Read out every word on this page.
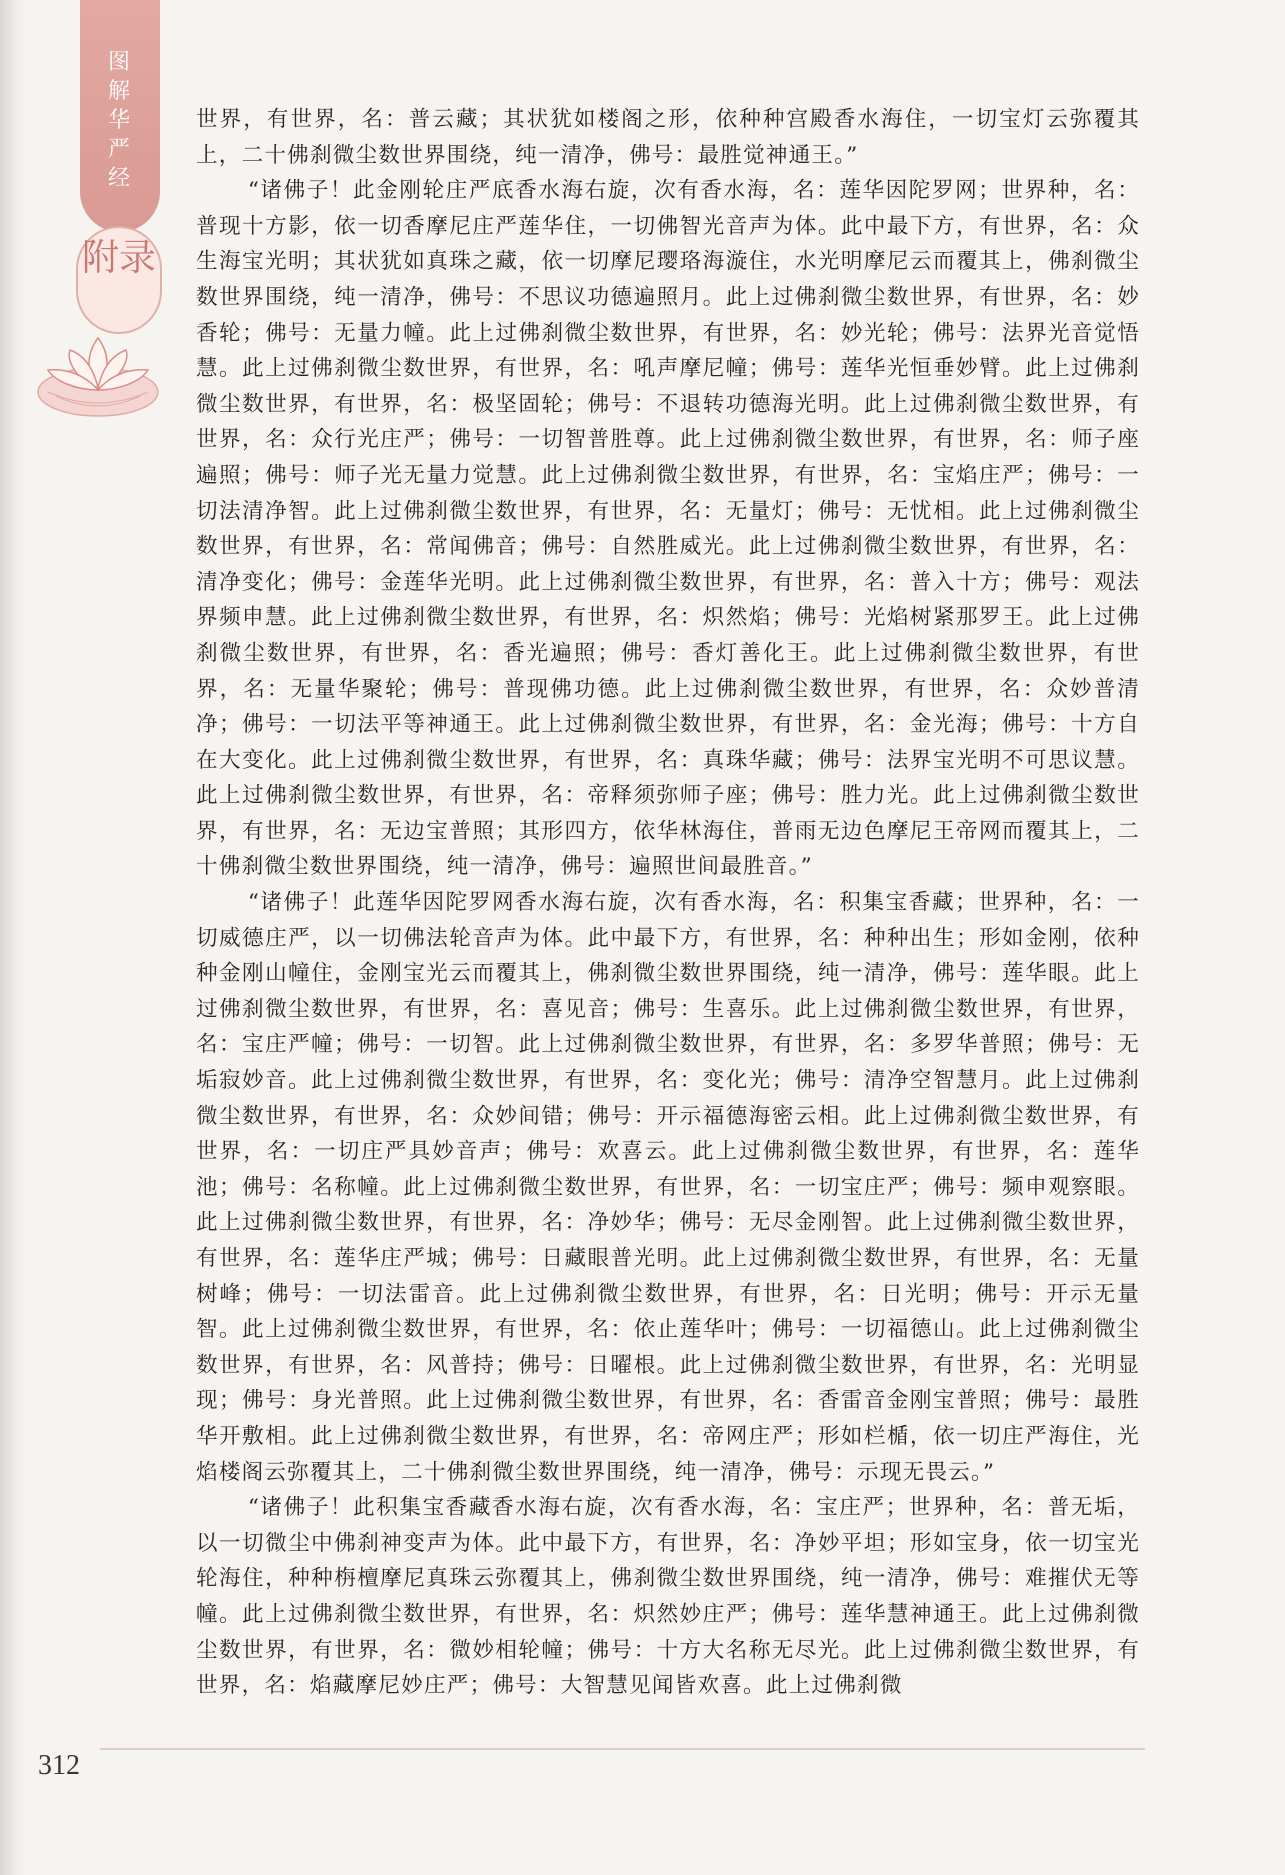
图解华严经
附录

世界，有世界，名：普云藏；其状犹如楼阁之形，依种种宫殿香水海住，一切宝灯云弥覆其上，二十佛刹微尘数世界围绕，纯一清净，佛号：最胜觉神通王。”

“诸佛子！此金刚轮庄严底香水海右旋，次有香水海，名：莲华因陀罗网；世界种，名：普现十方影，依一切香摩尼庄严莲华住，一切佛智光音声为体。此中最下方，有世界，名：众生海宝光明；其状犹如真珠之藏，依一切摩尼璎珞海漩住，水光明摩尼云而覆其上，佛刹微尘数世界围绕，纯一清净，佛号：不思议功德遍照月。此上过佛刹微尘数世界，有世界，名：妙香轮；佛号：无量力幢。此上过佛刹微尘数世界，有世界，名：妙光轮；佛号：法界光音觉悟慧。此上过佛刹微尘数世界，有世界，名：吼声摩尼幢；佛号：莲华光恒垂妙臂。此上过佛刹微尘数世界，有世界，名：极坚固轮；佛号：不退转功德海光明。此上过佛刹微尘数世界，有世界，名：众行光庄严；佛号：一切智普胜尊。此上过佛刹微尘数世界，有世界，名：师子座遍照；佛号：师子光无量力觉慧。此上过佛刹微尘数世界，有世界，名：宝焰庄严；佛号：一切法清净智。此上过佛刹微尘数世界，有世界，名：无量灯；佛号：无忧相。此上过佛刹微尘数世界，有世界，名：常闻佛音；佛号：自然胜威光。此上过佛刹微尘数世界，有世界，名：清净变化；佛号：金莲华光明。此上过佛刹微尘数世界，有世界，名：普入十方；佛号：观法界频申慧。此上过佛刹微尘数世界，有世界，名：炽然焰；佛号：光焰树紧那罗王。此上过佛刹微尘数世界，有世界，名：香光遍照；佛号：香灯善化王。此上过佛刹微尘数世界，有世界，名：无量华聚轮；佛号：普现佛功德。此上过佛刹微尘数世界，有世界，名：众妙普清净；佛号：一切法平等神通王。此上过佛刹微尘数世界，有世界，名：金光海；佛号：十方自在大变化。此上过佛刹微尘数世界，有世界，名：真珠华藏；佛号：法界宝光明不可思议慧。此上过佛刹微尘数世界，有世界，名：帝释须弥师子座；佛号：胜力光。此上过佛刹微尘数世界，有世界，名：无边宝普照；其形四方，依华林海住，普雨无边色摩尼王帝网而覆其上，二十佛刹微尘数世界围绕，纯一清净，佛号：遍照世间最胜音。”

“诸佛子！此莲华因陀罗网香水海右旋，次有香水海，名：积集宝香藏；世界种，名：一切威德庄严，以一切佛法轮音声为体。此中最下方，有世界，名：种种出生；形如金刚，依种种金刚山幢住，金刚宝光云而覆其上，佛刹微尘数世界围绕，纯一清净，佛号：莲华眼。此上过佛刹微尘数世界，有世界，名：喜见音；佛号：生喜乐。此上过佛刹微尘数世界，有世界，名：宝庄严幢；佛号：一切智。此上过佛刹微尘数世界，有世界，名：多罗华普照；佛号：无垢寂妙音。此上过佛刹微尘数世界，有世界，名：变化光；佛号：清净空智慧月。此上过佛刹微尘数世界，有世界，名：众妙间错；佛号：开示福德海密云相。此上过佛刹微尘数世界，有世界，名：一切庄严具妙音声；佛号：欢喜云。此上过佛刹微尘数世界，有世界，名：莲华池；佛号：名称幢。此上过佛刹微尘数世界，有世界，名：一切宝庄严；佛号：频申观察眼。此上过佛刹微尘数世界，有世界，名：净妙华；佛号：无尽金刚智。此上过佛刹微尘数世界，有世界，名：莲华庄严城；佛号：日藏眼普光明。此上过佛刹微尘数世界，有世界，名：无量树峰；佛号：一切法雷音。此上过佛刹微尘数世界，有世界，名：日光明；佛号：开示无量智。此上过佛刹微尘数世界，有世界，名：依止莲华叶；佛号：一切福德山。此上过佛刹微尘数世界，有世界，名：风普持；佛号：日曜根。此上过佛刹微尘数世界，有世界，名：光明显现；佛号：身光普照。此上过佛刹微尘数世界，有世界，名：香雷音金刚宝普照；佛号：最胜华开敷相。此上过佛刹微尘数世界，有世界，名：帝网庄严；形如栏楯，依一切庄严海住，光焰楼阁云弥覆其上，二十佛刹微尘数世界围绕，纯一清净，佛号：示现无畏云。”

“诸佛子！此积集宝香藏香水海右旋，次有香水海，名：宝庄严；世界种，名：普无垢，以一切微尘中佛刹神变声为体。此中最下方，有世界，名：净妙平坦；形如宝身，依一切宝光轮海住，种种栴檀摩尼真珠云弥覆其上，佛刹微尘数世界围绕，纯一清净，佛号：难摧伏无等幢。此上过佛刹微尘数世界，有世界，名：炽然妙庄严；佛号：莲华慧神通王。此上过佛刹微尘数世界，有世界，名：微妙相轮幢；佛号：十方大名称无尽光。此上过佛刹微尘数世界，有世界，名：焰藏摩尼妙庄严；佛号：大智慧见闻皆欢喜。此上过佛刹微

312
